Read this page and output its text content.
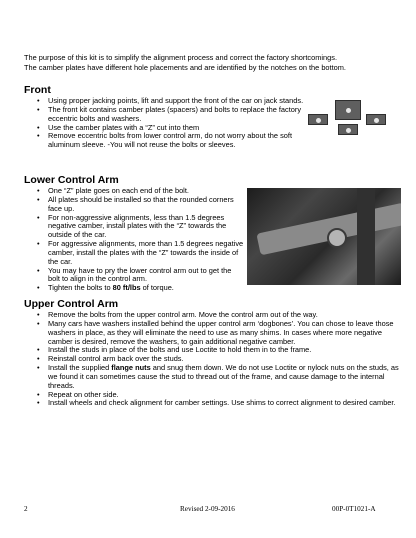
The purpose of this kit is to simplify the alignment process and correct the factory shortcomings.
The camber plates have different hole placements and are identified by the notches on the bottom.

Front
• Using proper jacking points, lift and support the front of the car on jack stands.
• The front kit contains camber plates (spacers) and bolts to replace the factory eccentric bolts and washers.
• Use the camber plates with a “Z” cut into them
• Remove eccentric bolts from lower control arm, do not worry about the soft aluminum sleeve. -You will not reuse the bolts or sleeves.
Lower Control Arm
• One “Z” plate goes on each end of the bolt.
• All plates should be installed so that the rounded corners face up.
• For non-aggressive alignments, less than 1.5 degrees negative camber, install plates with the “Z” towards the outside of the car.
• For aggressive alignments, more than 1.5 degrees negative camber, install the plates with the “Z” towards the inside of the car.
• You may have to pry the lower control arm out to get the bolt to align in the control arm.
• Tighten the bolts to 80 ft/lbs of torque.
Upper Control Arm
• Remove the bolts from the upper control arm. Move the control arm out of the way.
• Many cars have washers installed behind the upper control arm ‘dogbones’. You can chose to leave those washers in place, as they will eliminate the need to use as many shims. In cases where more negative camber is desired, remove the washers, to gain additional negative camber.
• Install the studs in place of the bolts and use Loctite to hold them in to the frame.
• Reinstall control arm back over the studs.
• Install the supplied flange nuts and snug them down. We do not use Loctite or nylock nuts on the studs, as we found it can sometimes cause the stud to thread out of the frame, and cause damage to the internal threads.
• Repeat on other side.
• Install wheels and check alignment for camber settings. Use shims to correct alignment to desired camber.
2	Revised 2-09-2016	00P-0T1021-A
